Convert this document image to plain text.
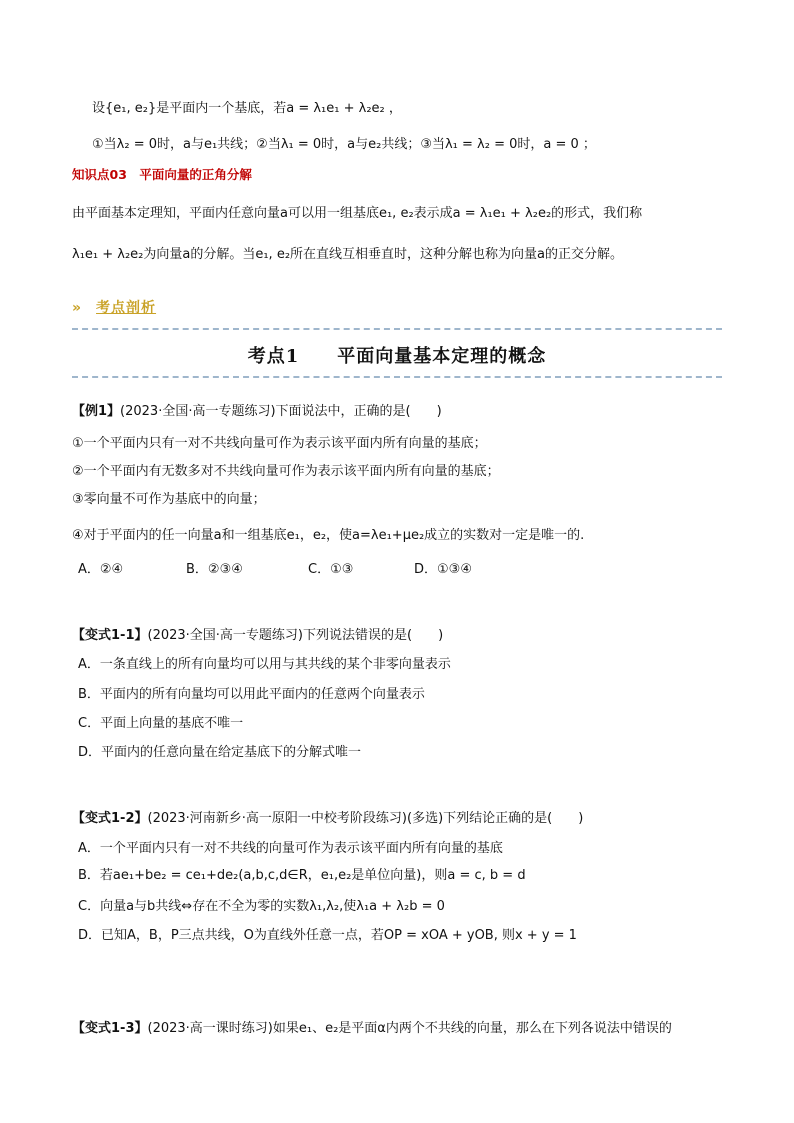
设{e₁, e₂}是平面内一个基底，若a = λ₁e₁ + λ₂e₂ ，
①当λ₂ = 0时，a与e₁共线；②当λ₁ = 0时，a与e₂共线；③当λ₁ = λ₂ = 0时，a = 0 ；
知识点03　平面向量的正角分解
由平面基本定理知，平面内任意向量a可以用一组基底e₁, e₂表示成a = λ₁e₁ + λ₂e₂的形式，我们称
λ₁e₁ + λ₂e₂为向量a的分解。当e₁, e₂所在直线互相垂直时，这种分解也称为向量a的正交分解。
» 考点剖析
考点1　　平面向量基本定理的概念
【例1】(2023·全国·高一专题练习)下面说法中，正确的是(　　)
①一个平面内只有一对不共线向量可作为表示该平面内所有向量的基底；
②一个平面内有无数多对不共线向量可作为表示该平面内所有向量的基底；
③零向量不可作为基底中的向量；
④对于平面内的任一向量a和一组基底e₁，e₂，使a=λe₁+μe₂成立的实数对一定是唯一的.
A．②④	B．②③④	C．①③	D．①③④
【变式1-1】(2023·全国·高一专题练习)下列说法错误的是(　　)
A．一条直线上的所有向量均可以用与其共线的某个非零向量表示
B．平面内的所有向量均可以用此平面内的任意两个向量表示
C．平面上向量的基底不唯一
D．平面内的任意向量在给定基底下的分解式唯一
【变式1-2】(2023·河南新乡·高一原阳一中校考阶段练习)(多选)下列结论正确的是(　　)
A．一个平面内只有一对不共线的向量可作为表示该平面内所有向量的基底
B．若ae₁+be₂ = ce₁+de₂(a,b,c,d∈R，e₁,e₂是单位向量)，则a = c, b = d
C．向量a与b共线⇔存在不全为零的实数λ₁,λ₂,使λ₁a + λ₂b = 0
D．已知A，B，P三点共线，O为直线外任意一点，若OP = xOA + yOB, 则x + y = 1
【变式1-3】(2023·高一课时练习)如果e₁、e₂是平面α内两个不共线的向量，那么在下列各说法中错误的
